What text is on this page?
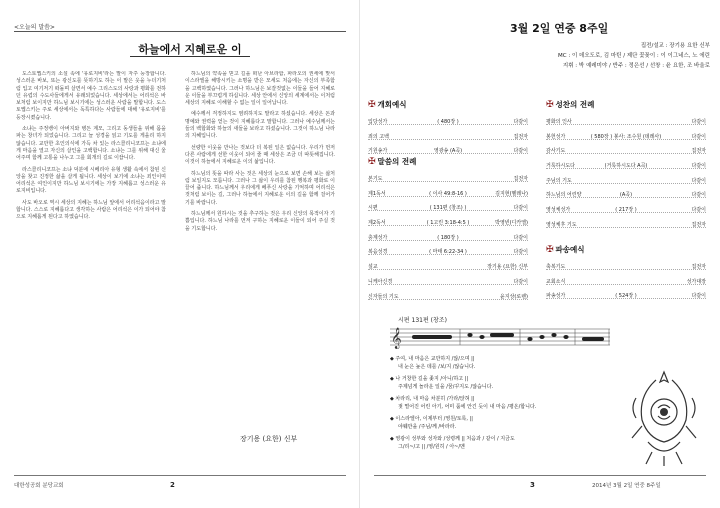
<오늘의 말씀>
하늘에서 지혜로운 이

도스토옙스키의 소설 속에 '유로지비'라는 말이 자주 등장합니다. 성스러운 바보, 또는 광신도를 뜻하기도 하는 이 말은 옷을 누더기처럼 입고 여기저기 떠돌며 살면서 예수 그리스도의 사랑과 평화를 전하던 유럽의 수도사들에게서 유래되었습니다. 세상에서는 어리석은 바보처럼 보이지만 하느님 보시기에는 성스러운 사람을 말합니다. 도스토옙스키는 주로 세상에서는 독특하다는 사람들에 대해 '유로지비'를 등장시켰습니다.

소냐는 주정뱅이 아버지와 병든 계모, 그리고 동생들을 위해 몸을 파는 창녀가 되었습니다. 그리고 늘 성경을 읽고 기도를 게을리 하지 않습니다. 교만한 초인의식에 가득 차 있는 라스콜리니코프는 소냐에게 마음을 열고 자신의 살인을 고백합니다. 소냐는 그를 위해 대신 울어주며 함께 고통을 나누고 그를 회개의 길로 이끕니다.

라스콜리니코프는 소냐 덕분에 시베리아 유형 생활 속에서 참된 신앙을 찾고 진정한 삶을 살게 됩니다. 세상이 보기에 소냐는 죄인이며 어리석은 여인이지만 하느님 보시기에는 가장 지혜롭고 성스러운 유로지비입니다.

사도 바오로 역시 세상의 지혜는 하느님 앞에서 어리석음이라고 말합니다. 스스로 지혜롭다고 생각하는 사람은 어리석은 이가 되어야 참으로 지혜롭게 된다고 하였습니다.

하느님의 약속을 믿고 길을 떠난 아브라함, 파라오의 권세에 맞서 이스라엘을 해방시키는 소명을 받은 모세도 처음에는 자신의 부족함을 고백하였습니다. 그러나 하느님은 보잘것없는 이들을 들어 지혜로운 이들을 부끄럽게 하십니다. 세상 안에서 신앙의 세계에서는 이처럼 세상의 지혜로 이해할 수 없는 일이 일어납니다.

예수께서 걱정하지도 염려하지도 말라고 하셨습니다. 세상은 돈과 명예와 권력을 얻는 것이 지혜롭다고 말합니다. 그러나 예수님께서는 들의 백합화와 하늘의 새들을 보라고 하셨습니다. 그것이 하느님 나라의 지혜입니다.

선량한 이웃을 만나는 것보다 더 복된 일은 없습니다. 우리가 먼저 다른 사람에게 선한 이웃이 되어 줄 때 세상은 조금 더 따뜻해집니다. 이것이 하늘에서 지혜로운 이의 삶입니다.

하느님의 뜻을 따라 사는 것은 세상의 눈으로 보면 손해 보는 삶처럼 보일지도 모릅니다. 그러나 그 삶이 우리를 참된 행복과 평화로 이끌어 줍니다. 하느님께서 우리에게 베푸신 사랑을 기억하며 어리석은 것처럼 보이는 길, 그러나 하늘에서 지혜로운 이의 길을 함께 걸어가기를 바랍니다.

하느님께서 원하시는 것을 추구하는 것은 우리 신앙의 목적이자 기쁨입니다. 하느님 나라를 먼저 구하는 지혜로운 이들이 되어 주실 것을 기도합니다.

장기용 (요한) 신부
대한성공회 분당교회	2
3월 2일 연중 8주일
집전/설교 : 장기용 요한 신부
MC : 이 데오도로, 김 마틴 / 제단 꽃꽂이 : 이 이그네스, 노 에린
지휘 : 박 예레미야 / 반주 : 정은선 / 선창 : 윤 요한, 조 바울로
✠ 개회예식
입당성가	( 480장 )	다같이
죄의 고백	집전자
기원송가	영광송 (A곡)	다같이
✠ 말씀의 전례
본기도	집전자
제1독서	( 이사 49:8-16 )	김지현(헬레나)
시편	( 131편 (창조) )	다같이
제2독서	( 1고린 3:18-4:5 )	박영빈(디카엘)
층계성가	( 180장 )	다같이
복음성경	( 마태 6:22-34 )	다같이
설교	장기용 (요한) 신부
니케아신경	다같이
신자들의 기도	윤지상(로렌)
✠ 성찬의 전례
평화의 인사	다같이
봉헌성가	( 580장 ) 봉사: 조수원 (데레사)	다같이
감사기도	집전자
거룩하시도다	(거룩하시도다 A곡)	다같이
주님의 기도	다같이
하느님의 어린양	(A곡)	다같이
영성체성가	( 217장 )	다같이
영성체후 기도	집전자
✠ 파송예식
축복기도	집전자
교회소식	성가대장
파송성가	( 524장 )	다같이
시편 131편 (창조)
𝄞
◆ 주여, 내 마음은 교만하지 /않/으며 ||
내 눈은 높은 데를 /보/지 /않습니다.
◆ 나 거창한 길을 좇지 /아니/하고 ||
주제넘게 놀라운 일을 /꿈/꾸지도 /않습니다.
◆ 차라리, 내 마음 차분히 /가라/앉혀 ||
젖 떨어진 어린 아기, 어미 품에 안긴 듯이 내 마음 /평온/합니다.
◆ 이스라엘아, 이제부터 /영원/토록, ||
야훼만을 /주님/께 /바라라.
◆ 영광이 성부와 성자와 /성령께 || 처음과 / 같이 / 지금도
그/리~/고 || /영/원히 / 아~/멘
3	2014년 3월 2일 연중 8주일
